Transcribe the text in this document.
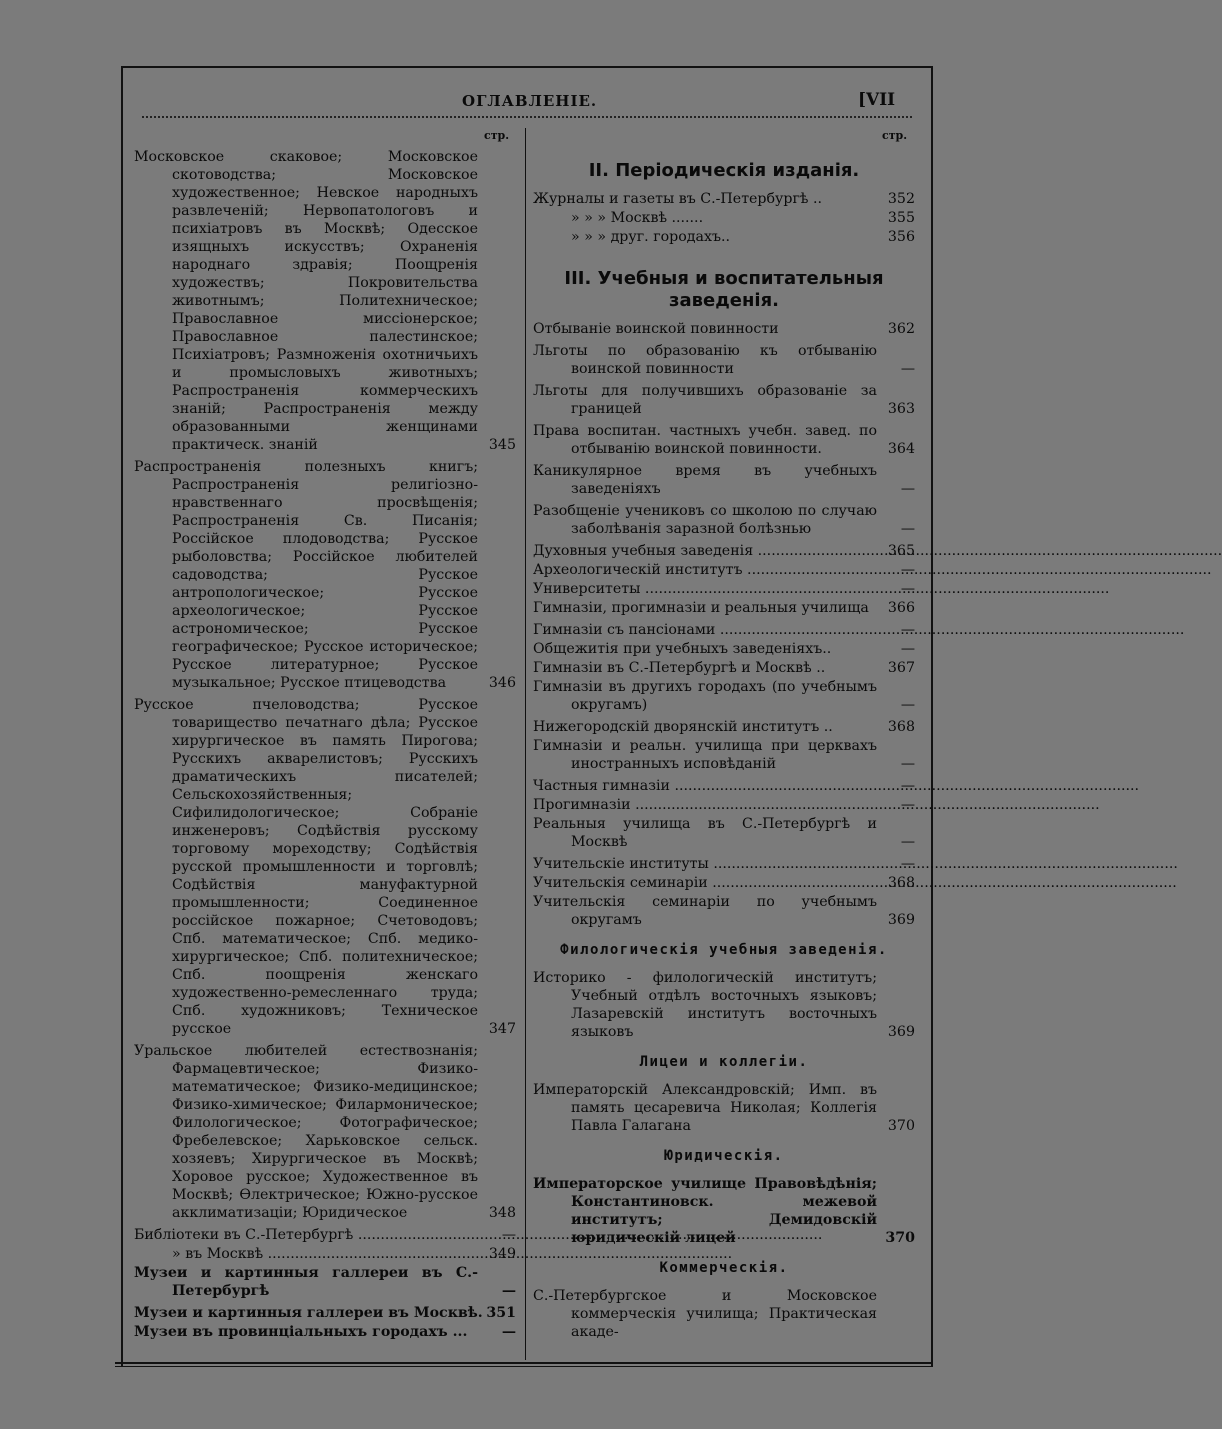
ОГЛАВЛЕНІЕ.	[VII
стр.	стр.
Московское скаковое; Московское скотоводства; Московское художественное; Невское народныхъ развлеченій; Нервопатологовъ и психіатровъ въ Москвѣ; Одесское изящныхъ искусствъ; Охраненія народнаго здравія; Поощренія художествъ; Покровительства животнымъ; Политехническое; Православное миссіонерское; Православное палестинское; Психіатровъ; Размноженія охотничьихъ и промысловыхъ животныхъ; Распространенія коммерческихъ знаній; Распространенія между образованными женщинами практическ. знаній	345
Распространенія полезныхъ книгъ; Распространенія религіозно-нравственнаго просвѣщенія; Распространенія Св. Писанія; Россійское плодоводства; Русское рыболовства; Россійское любителей садоводства; Русское антропологическое; Русское археологическое; Русское астрономическое; Русское географическое; Русское историческое; Русское литературное; Русское музыкальное; Русское птицеводства	346
Русское пчеловодства; Русское товарищество печатнаго дѣла; Русское хирургическое въ память Пирогова; Русскихъ акварелистовъ; Русскихъ драматическихъ писателей; Сельскохозяйственныя; Сифилидологическое; Собраніе инженеровъ; Содѣйствія русскому торговому мореходству; Содѣйствія русской промышленности и торговлѣ; Содѣйствія мануфактурной промышленности; Соединенное россійское пожарное; Счетоводовъ; Спб. математическое; Спб. медико-хирургическое; Спб. политехническое; Спб. поощренія женскаго художественно-ремесленнаго труда; Спб. художниковъ; Техническое русское	347
Уральское любителей естествознанія; Фармацевтическое; Физико-математическое; Физико-медицинское; Физико-химическое; Филармоническое; Филологическое; Фотографическое; Фребелевское; Харьковское сельск. хозяевъ; Хирургическое въ Москвѣ; Хоровое русское; Художественное въ Москвѣ; Ѳлектрическое; Южно-русское акклиматизаціи; Юридическое	348
Библіотеки въ С.-Петербургѣ .....	—
» въ Москвѣ .....	349
Музеи и картинныя галлереи въ С.-Петербургѣ	—
Музеи и картинныя галлереи въ Москвѣ. 351
Музеи въ провинціальныхъ городахъ ...	—
II. Періодическія изданія.
Журналы и газеты въ С.-Петербургѣ ..	352
» » » Москвѣ .......	355
» » » друг. городахъ..	356
III. Учебныя и воспитательныя заведенія.
Отбываніе воинской повинности	362
Льготы по образованію къ отбыванію воинской повинности	—
Льготы для получившихъ образованіе за границей	363
Права воспитан. частныхъ учебн. завед. по отбыванію воинской повинности.	364
Каникулярное время въ учебныхъ заведеніяхъ	—
Разобщеніе учениковъ со школою по случаю заболѣванія заразной болѣзнью	—
Духовныя учебныя заведенія .....	365
Археологическій институтъ .....	—
Университеты .....	—
Гимназіи, прогимназіи и реальныя училища	366
Гимназіи съ пансіонами .....	—
Общежитія при учебныхъ заведеніяхъ..	—
Гимназіи въ С.-Петербургѣ и Москвѣ ..	367
Гимназіи въ другихъ городахъ (по учебнымъ округамъ)	—
Нижегородскій дворянскій институтъ ..	368
Гимназіи и реальн. училища при церквахъ иностранныхъ исповѣданій	—
Частныя гимназіи .....	—
Прогимназіи .....	—
Реальныя училища въ С.-Петербургѣ и Москвѣ	—
Учительскіе институты .....	—
Учительскія семинаріи .....	368
Учительскія семинаріи по учебнымъ округамъ	369
Филологическія учебныя заведенія.
Историко - филологическій институтъ; Учебный отдѣлъ восточныхъ языковъ; Лазаревскій институтъ восточныхъ языковъ	369
Лицеи и коллегіи.
Императорскій Александровскій; Имп. въ память цесаревича Николая; Коллегія Павла Галагана	370
Юридическія.
Императорское училище Правовѣдѣнія; Константиновск. межевой институтъ; Демидовскій юридическій лицей	370
Коммерческія.
С.-Петербургское и Московское коммерческія училища; Практическая акаде-
